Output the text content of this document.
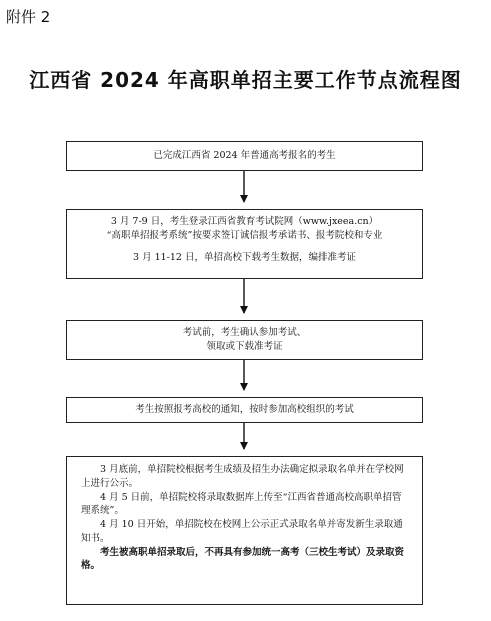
附件 2
江西省 2024 年高职单招主要工作节点流程图
已完成江西省 2024 年普通高考报名的考生
3 月 7-9 日，考生登录江西省教育考试院网（www.jxeea.cn）
“高职单招报考系统”按要求签订诚信报考承诺书、报考院校和专业
3 月 11-12 日，单招高校下载考生数据，编排准考证
考试前，考生确认参加考试、
领取或下载准考证
考生按照报考高校的通知，按时参加高校组织的考试

3 月底前，单招院校根据考生成绩及招生办法确定拟录取名单并在学校网上进行公示。

4 月 5 日前，单招院校将录取数据库上传至“江西省普通高校高职单招管理系统”。

4 月 10 日开始，单招院校在校网上公示正式录取名单并寄发新生录取通知书。

考生被高职单招录取后，不再具有参加统一高考（三校生考试）及录取资格。
